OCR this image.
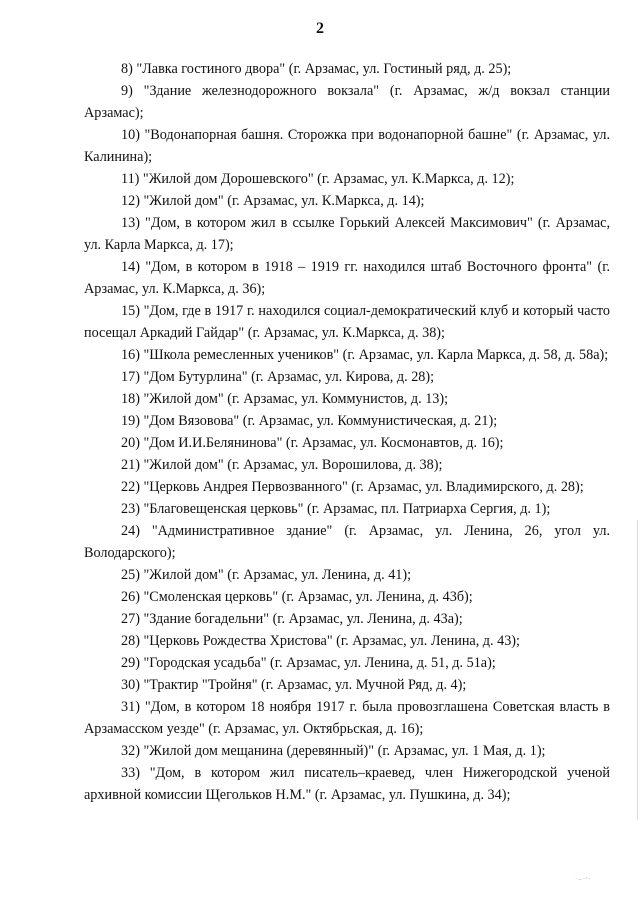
2

8) "Лавка гостиного двора" (г. Арзамас, ул. Гостиный ряд, д. 25);

9) "Здание железнодорожного вокзала" (г. Арзамас, ж/д вокзал станции Арзамас);

10) "Водонапорная башня. Сторожка при водонапорной башне" (г. Арзамас, ул. Калинина);

11) "Жилой дом Дорошевского" (г. Арзамас, ул. К.Маркса, д. 12);

12) "Жилой дом" (г. Арзамас, ул. К.Маркса, д. 14);

13) "Дом, в котором жил в ссылке Горький Алексей Максимович" (г. Арзамас, ул. Карла Маркса, д. 17);

14) "Дом, в котором в 1918 – 1919 гг. находился штаб Восточного фронта" (г. Арзамас, ул. К.Маркса, д. 36);

15) "Дом, где в 1917 г. находился социал-демократический клуб и который часто посещал Аркадий Гайдар" (г. Арзамас, ул. К.Маркса, д. 38);

16) "Школа ремесленных учеников" (г. Арзамас, ул. Карла Маркса, д. 58, д. 58а);

17) "Дом Бутурлина" (г. Арзамас, ул. Кирова, д. 28);

18) "Жилой дом" (г. Арзамас, ул. Коммунистов, д. 13);

19) "Дом Вязовова" (г. Арзамас, ул. Коммунистическая, д. 21);

20) "Дом И.И.Белянинова" (г. Арзамас, ул. Космонавтов, д. 16);

21) "Жилой дом" (г. Арзамас, ул. Ворошилова, д. 38);

22) "Церковь Андрея Первозванного" (г. Арзамас, ул. Владимирского, д. 28);

23) "Благовещенская церковь" (г. Арзамас, пл. Патриарха Сергия, д. 1);

24) "Административное здание" (г. Арзамас, ул. Ленина, 26, угол ул. Володарского);

25) "Жилой дом" (г. Арзамас, ул. Ленина, д. 41);

26) "Смоленская церковь" (г. Арзамас, ул. Ленина, д. 43б);

27) "Здание богадельни" (г. Арзамас, ул. Ленина, д. 43а);

28) "Церковь Рождества Христова" (г. Арзамас, ул. Ленина, д. 43);

29) "Городская усадьба" (г. Арзамас, ул. Ленина, д. 51, д. 51а);

30) "Трактир "Тройня" (г. Арзамас, ул. Мучной Ряд, д. 4);

31) "Дом, в котором 18 ноября 1917 г. была провозглашена Советская власть в Арзамасском уезде" (г. Арзамас, ул. Октябрьская, д. 16);

32) "Жилой дом мещанина (деревянный)" (г. Арзамас, ул. 1 Мая, д. 1);

33) "Дом, в котором жил писатель–краевед, член Нижегородской ученой архивной комиссии Щегольков Н.М." (г. Арзамас, ул. Пушкина, д. 34);

·–·ʳ·
